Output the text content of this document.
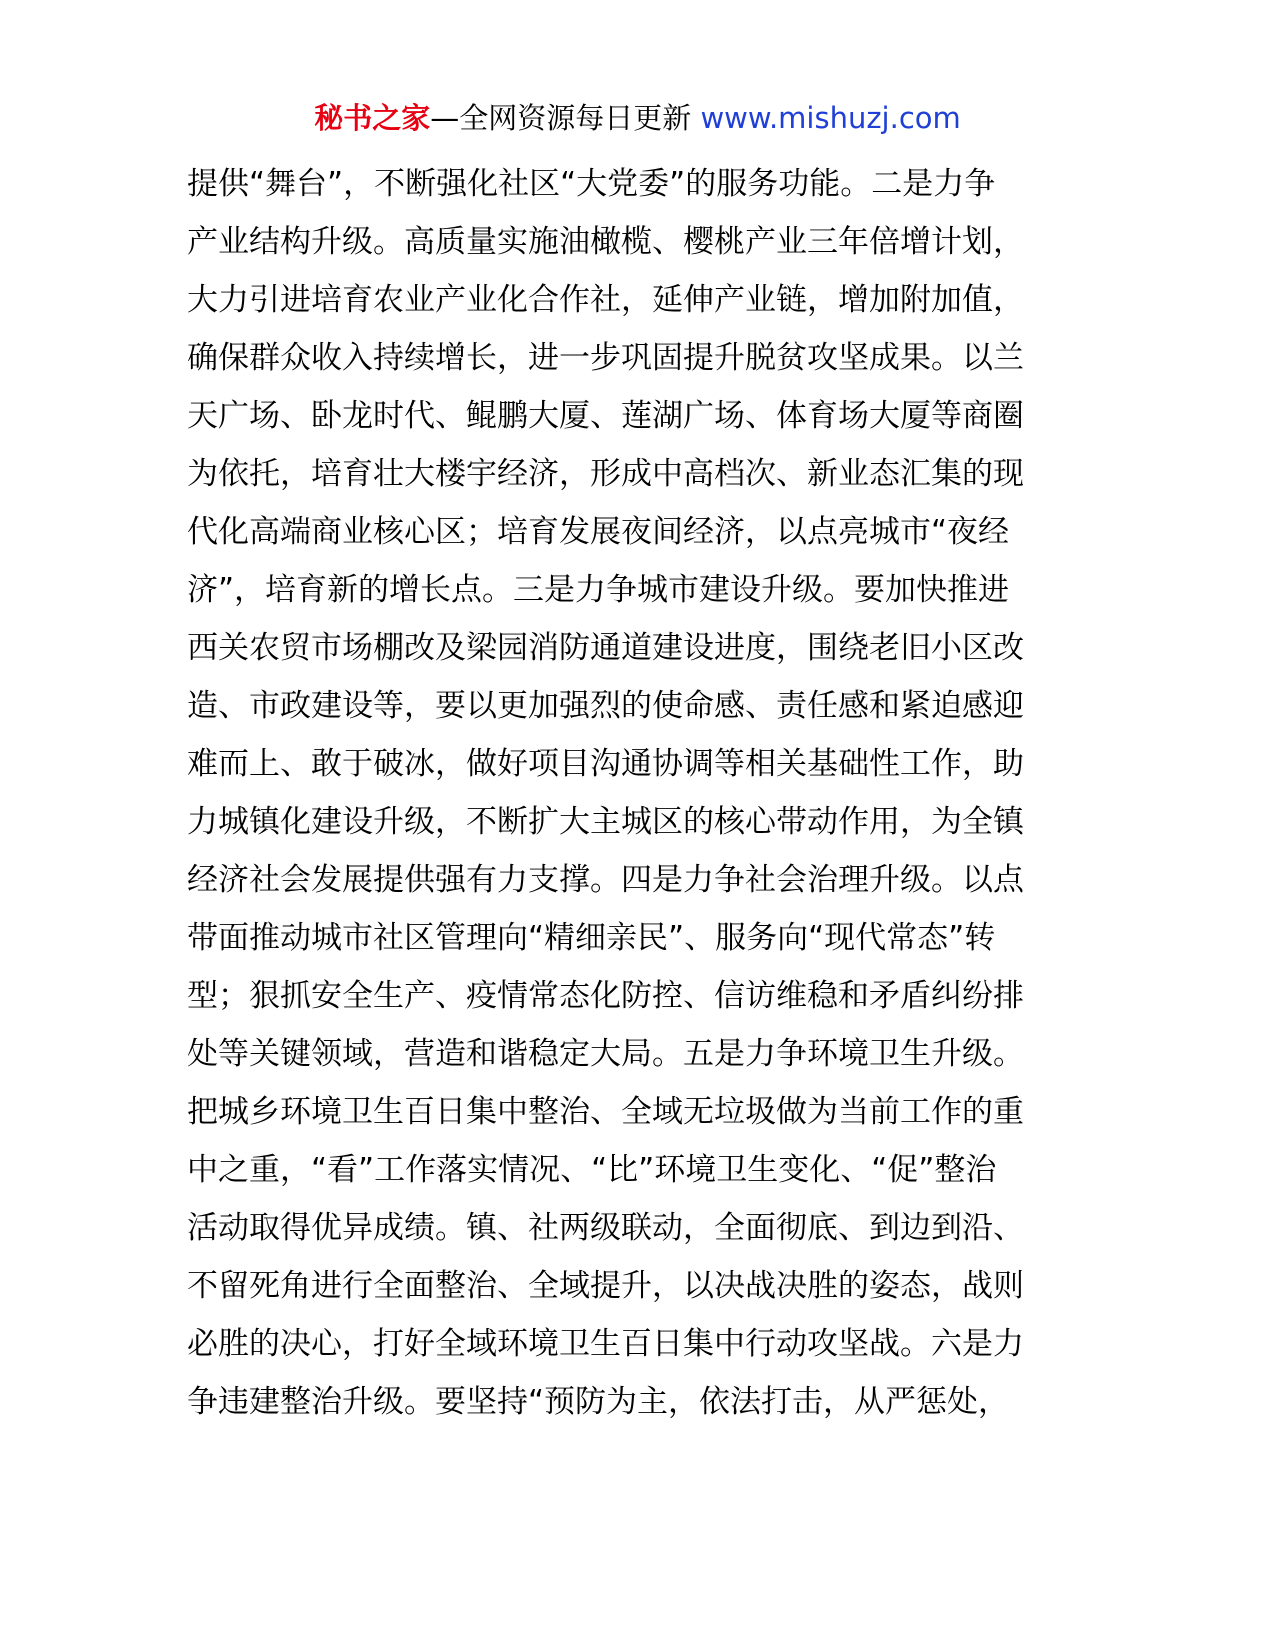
秘书之家—全网资源每日更新 www.mishuzj.com
提供“舞台”，不断强化社区“大党委”的服务功能。二是力争
产业结构升级。高质量实施油橄榄、樱桃产业三年倍增计划，
大力引进培育农业产业化合作社，延伸产业链，增加附加值，
确保群众收入持续增长，进一步巩固提升脱贫攻坚成果。以兰
天广场、卧龙时代、鲲鹏大厦、莲湖广场、体育场大厦等商圈
为依托，培育壮大楼宇经济，形成中高档次、新业态汇集的现
代化高端商业核心区；培育发展夜间经济，以点亮城市“夜经
济”，培育新的增长点。三是力争城市建设升级。要加快推进
西关农贸市场棚改及梁园消防通道建设进度，围绕老旧小区改
造、市政建设等，要以更加强烈的使命感、责任感和紧迫感迎
难而上、敢于破冰，做好项目沟通协调等相关基础性工作，助
力城镇化建设升级，不断扩大主城区的核心带动作用，为全镇
经济社会发展提供强有力支撑。四是力争社会治理升级。以点
带面推动城市社区管理向“精细亲民”、服务向“现代常态”转
型；狠抓安全生产、疫情常态化防控、信访维稳和矛盾纠纷排
处等关键领域，营造和谐稳定大局。五是力争环境卫生升级。
把城乡环境卫生百日集中整治、全域无垃圾做为当前工作的重
中之重，“看”工作落实情况、“比”环境卫生变化、“促”整治
活动取得优异成绩。镇、社两级联动，全面彻底、到边到沿、
不留死角进行全面整治、全域提升，以决战决胜的姿态，战则
必胜的决心，打好全域环境卫生百日集中行动攻坚战。六是力
争违建整治升级。要坚持“预防为主，依法打击，从严惩处，
